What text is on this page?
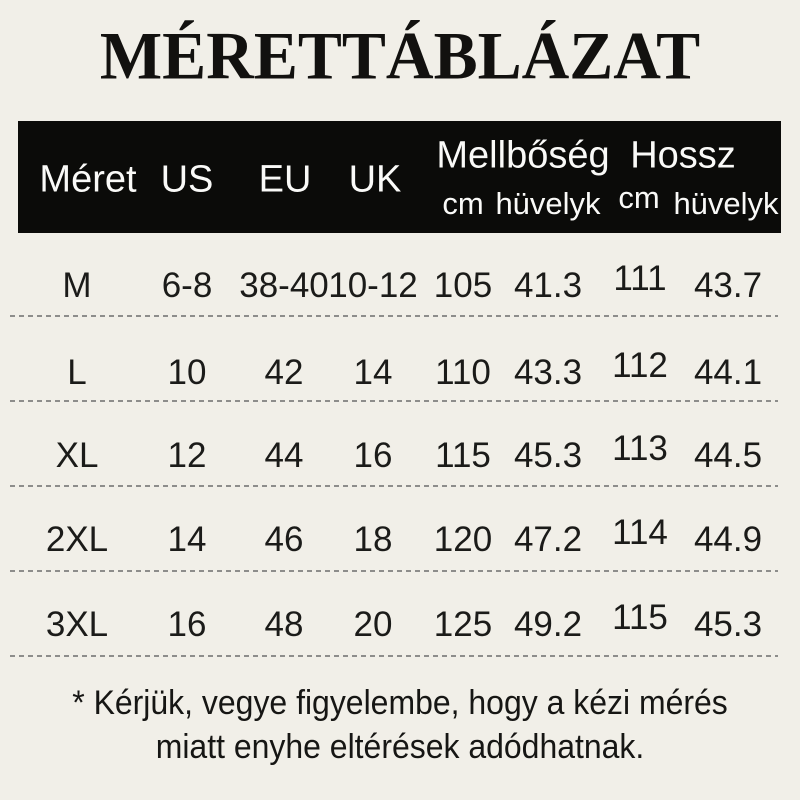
MÉRETTÁBLÁZAT
Méret US EU UK
Mellbőség Hossz
cm hüvelyk cm hüvelyk
M 6-8 38-40 10-12 105 41.3 111 43.7
L 10 42 14 110 43.3 112 44.1
XL 12 44 16 115 45.3 113 44.5
2XL 14 46 18 120 47.2 114 44.9
3XL 16 48 20 125 49.2 115 45.3
* Kérjük, vegye figyelembe, hogy a kézi mérés
miatt enyhe eltérések adódhatnak.
